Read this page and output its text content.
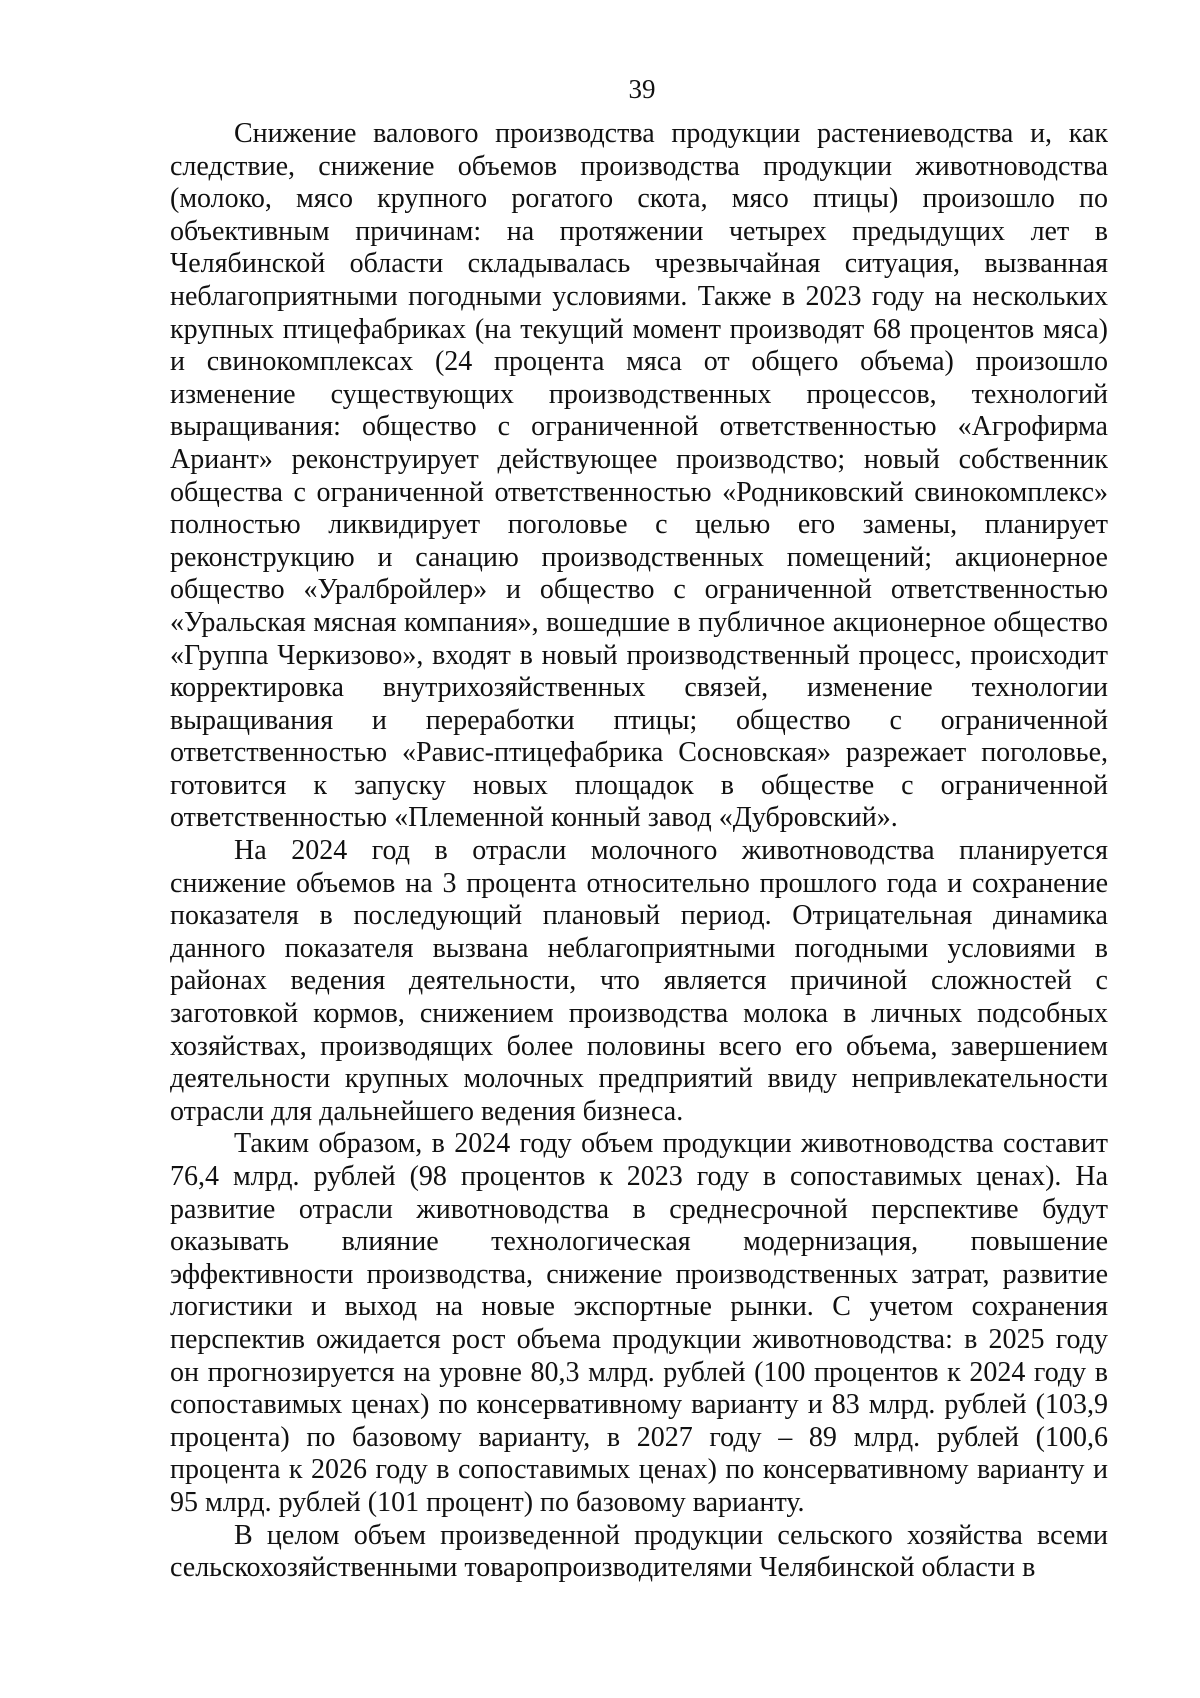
39

Снижение валового производства продукции растениеводства и, как следствие, снижение объемов производства продукции животноводства (молоко, мясо крупного рогатого скота, мясо птицы) произошло по объективным причинам: на протяжении четырех предыдущих лет в Челябинской области складывалась чрезвычайная ситуация, вызванная неблагоприятными погодными условиями. Также в 2023 году на нескольких крупных птицефабриках (на текущий момент производят 68 процентов мяса) и свинокомплексах (24 процента мяса от общего объема) произошло изменение существующих производственных процессов, технологий выращивания: общество с ограниченной ответственностью «Агрофирма Ариант» реконструирует действующее производство; новый собственник общества с ограниченной ответственностью «Родниковский свинокомплекс» полностью ликвидирует поголовье с целью его замены, планирует реконструкцию и санацию производственных помещений; акционерное общество «Уралбройлер» и общество с ограниченной ответственностью «Уральская мясная компания», вошедшие в публичное акционерное общество «Группа Черкизово», входят в новый производственный процесс, происходит корректировка внутрихозяйственных связей, изменение технологии выращивания и переработки птицы; общество с ограниченной ответственностью «Равис-птицефабрика Сосновская» разрежает поголовье, готовится к запуску новых площадок в обществе с ограниченной ответственностью «Племенной конный завод «Дубровский».

На 2024 год в отрасли молочного животноводства планируется снижение объемов на 3 процента относительно прошлого года и сохранение показателя в последующий плановый период. Отрицательная динамика данного показателя вызвана неблагоприятными погодными условиями в районах ведения деятельности, что является причиной сложностей с заготовкой кормов, снижением производства молока в личных подсобных хозяйствах, производящих более половины всего его объема, завершением деятельности крупных молочных предприятий ввиду непривлекательности отрасли для дальнейшего ведения бизнеса.

Таким образом, в 2024 году объем продукции животноводства составит 76,4 млрд. рублей (98 процентов к 2023 году в сопоставимых ценах). На развитие отрасли животноводства в среднесрочной перспективе будут оказывать влияние технологическая модернизация, повышение эффективности производства, снижение производственных затрат, развитие логистики и выход на новые экспортные рынки. С учетом сохранения перспектив ожидается рост объема продукции животноводства: в 2025 году он прогнозируется на уровне 80,3 млрд. рублей (100 процентов к 2024 году в сопоставимых ценах) по консервативному варианту и 83 млрд. рублей (103,9 процента) по базовому варианту, в 2027 году – 89 млрд. рублей (100,6 процента к 2026 году в сопоставимых ценах) по консервативному варианту и 95 млрд. рублей (101 процент) по базовому варианту.

В целом объем произведенной продукции сельского хозяйства всеми сельскохозяйственными товаропроизводителями Челябинской области в
